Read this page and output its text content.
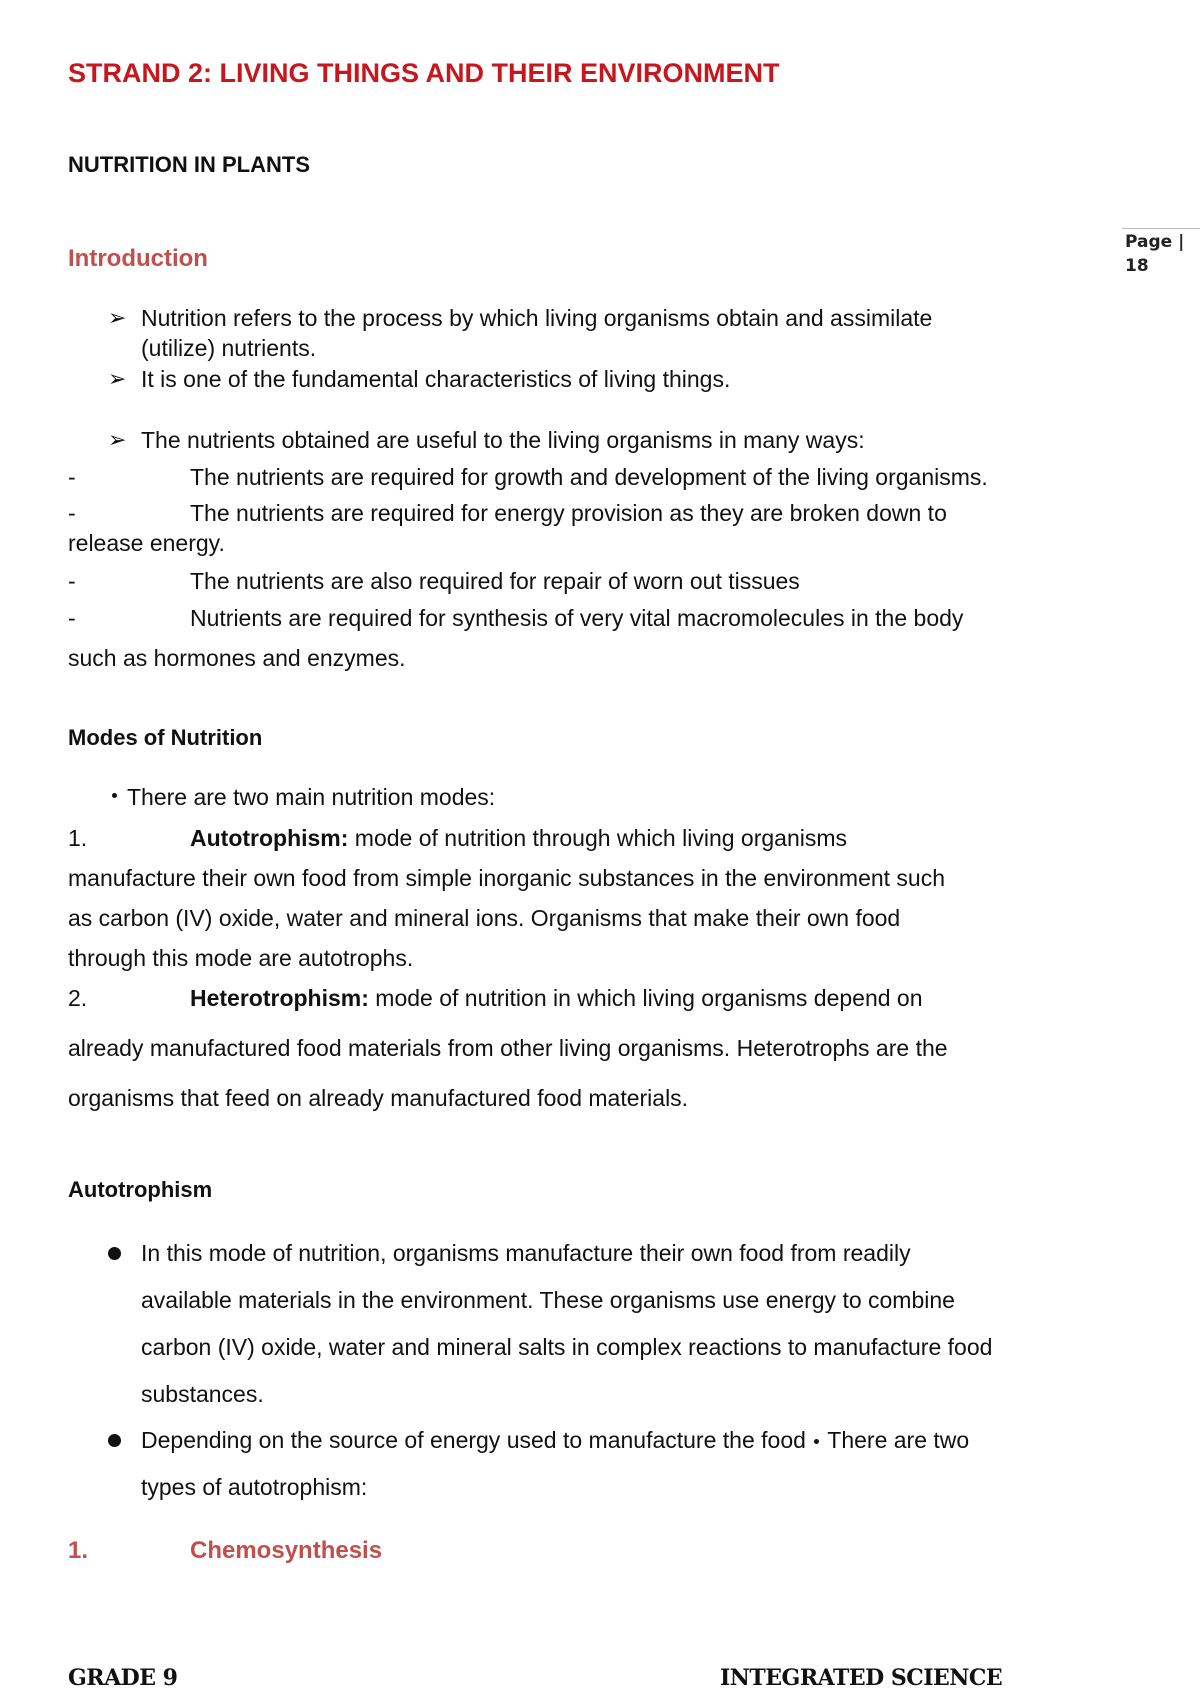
STRAND 2: LIVING THINGS AND THEIR ENVIRONMENT
NUTRITION IN PLANTS
Page | 18
Introduction
➢ Nutrition refers to the process by which living organisms obtain and assimilate
(utilize) nutrients.
➢ It is one of the fundamental characteristics of living things.
➢ The nutrients obtained are useful to the living organisms in many ways:
-	The nutrients are required for growth and development of the living organisms.
-	The nutrients are required for energy provision as they are broken down to
release energy.
-	The nutrients are also required for repair of worn out tissues
-	Nutrients are required for synthesis of very vital macromolecules in the body
such as hormones and enzymes.
Modes of Nutrition
There are two main nutrition modes:
1.	Autotrophism: mode of nutrition through which living organisms
manufacture their own food from simple inorganic substances in the environment such
as carbon (IV) oxide, water and mineral ions. Organisms that make their own food
through this mode are autotrophs.
2.	Heterotrophism: mode of nutrition in which living organisms depend on
already manufactured food materials from other living organisms. Heterotrophs are the
organisms that feed on already manufactured food materials.
Autotrophism
In this mode of nutrition, organisms manufacture their own food from readily
available materials in the environment. These organisms use energy to combine
carbon (IV) oxide, water and mineral salts in complex reactions to manufacture food
substances.
Depending on the source of energy used to manufacture the food  There are two
types of autotrophism:
1.	Chemosynthesis
GRADE 9	INTEGRATED SCIENCE
